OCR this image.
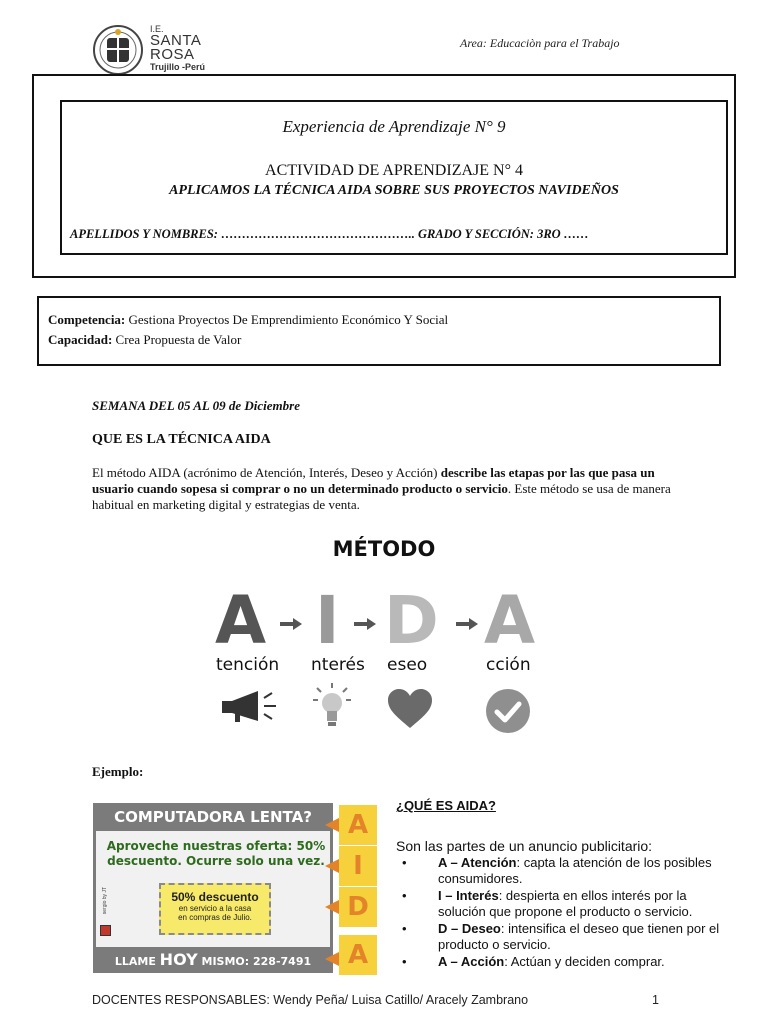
I.E.
SANTA
ROSA
Trujillo -Perú
Area: Educaciòn para el Trabajo
Experiencia de Aprendizaje N° 9
ACTIVIDAD DE APRENDIZAJE N° 4
APLICAMOS LA TÉCNICA AIDA SOBRE SUS PROYECTOS NAVIDEÑOS
APELLIDOS Y NOMBRES: ……………………………………….. GRADO Y SECCIÓN: 3RO ……
Competencia: Gestiona Proyectos De Emprendimiento Económico Y Social
Capacidad: Crea Propuesta de Valor
SEMANA DEL 05 AL 09 de Diciembre
QUE ES LA TÉCNICA AIDA
El método AIDA (acrónimo de Atención, Interés, Deseo y Acción) describe las etapas por las que pasa un usuario cuando sopesa si comprar o no un determinado producto o servicio. Este método se usa de manera habitual en marketing digital y estrategias de venta.
MÉTODO
A I D A
tención nterés eseo	cción
Ejemplo:
COMPUTADORA LENTA?
Aproveche nuestras oferta: 50%
descuento. Ocurre solo una vez.
50% descuento
en servicio a la casa
en compras de Julio.
sergio by JT
LLAME HOY MISMO: 228-7491
A
I
D
A
¿QUÉ ES AIDA?
Son las partes de un anuncio publicitario:
• A – Atención: capta la atención de los posibles consumidores.
• I – Interés: despierta en ellos interés por la solución que propone el producto o servicio.
• D – Deseo: intensifica el deseo que tienen por el producto o servicio.
• A – Acción: Actúan y deciden comprar.
DOCENTES RESPONSABLES: Wendy Peña/ Luisa Catillo/ Aracely Zambrano	1
